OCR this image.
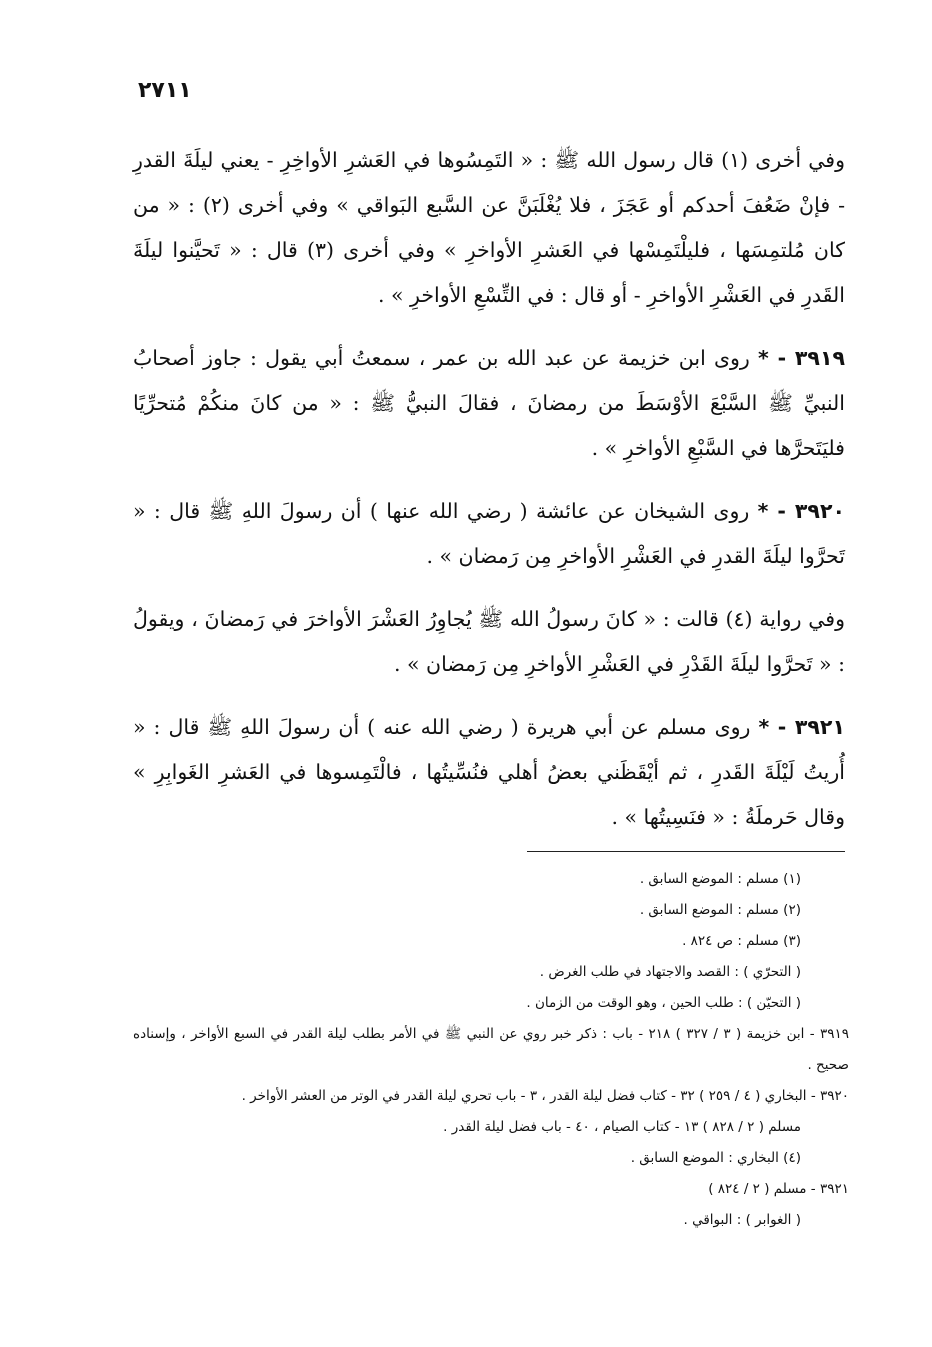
٢٧١١

وفي أخرى (١) قال رسول الله ﷺ : « التَمِسُوها في العَشرِ الأواخِرِ - يعني ليلَةَ القدرِ - فإنْ ضَعُفَ أحدكم أو عَجَزَ ، فلا يُغْلَبَنَّ عن السَّبع البَواقي » وفي أخرى (٢) : « من كان مُلتمِسَها ، فليلْتَمِسْها في العَشرِ الأواخرِ » وفي أخرى (٣) قال : « تَحيَّنوا ليلَةَ القَدرِ في العَشْرِ الأواخرِ - أو قال : في التِّسْعِ الأواخرِ » .

٣٩١٩ - * روى ابن خزيمة عن عبد الله بن عمر ، سمعتُ أبي يقول : جاوز أصحابُ النبيِّ ﷺ السَّبْعَ الأوْسَطَ من رمضانَ ، فقالَ النبيُّ ﷺ : « من كانَ منكُمْ مُتحرِّيًا فليَتَحرَّها في السَّبْعِ الأواخرِ » .

٣٩٢٠ - * روى الشيخان عن عائشة ( رضي الله عنها ) أن رسولَ اللهِ ﷺ قال : « تَحرَّوا ليلَةَ القدرِ في العَشْرِ الأواخرِ مِن رَمضان » .

وفي رواية (٤) قالت : « كانَ رسولُ الله ﷺ يُجاوِرُ العَشْرَ الأواخرَ في رَمضانَ ، ويقولُ : « تَحرَّوا ليلَةَ القَدْرِ في العَشْرِ الأواخرِ مِن رَمضان » .

٣٩٢١ - * روى مسلم عن أبي هريرة ( رضي الله عنه ) أن رسولَ اللهِ ﷺ قال : « أُريتُ لَيْلَةَ القَدرِ ، ثم أيْقَظَني بعضُ أهلي فنُسِّيتُها ، فالْتَمِسوها في العَشرِ الغَوابِرِ » وقال حَرملَةُ : « فنَسِيتُها » .

(١) مسلم : الموضع السابق .
(٢) مسلم : الموضع السابق .
(٣) مسلم : ص ٨٢٤ .
( التحرّي ) : القصد والاجتهاد في طلب الغرض .
( التحيّن ) : طلب الحين ، وهو الوقت من الزمان .
٣٩١٩ - ابن خزيمة ( ٣ / ٣٢٧ ) ٢١٨ - باب : ذكر خبر روي عن النبي ﷺ في الأمر بطلب ليلة القدر في السبع الأواخر ، وإسناده صحيح .
٣٩٢٠ - البخاري ( ٤ / ٢٥٩ ) ٣٢ - كتاب فضل ليلة القدر ، ٣ - باب تحري ليلة القدر في الوتر من العشر الأواخر .
مسلم ( ٢ / ٨٢٨ ) ١٣ - كتاب الصيام ، ٤٠ - باب فضل ليلة القدر .
(٤) البخاري : الموضع السابق .
٣٩٢١ - مسلم ( ٢ / ٨٢٤ )
( الغوابر ) : البواقي .
